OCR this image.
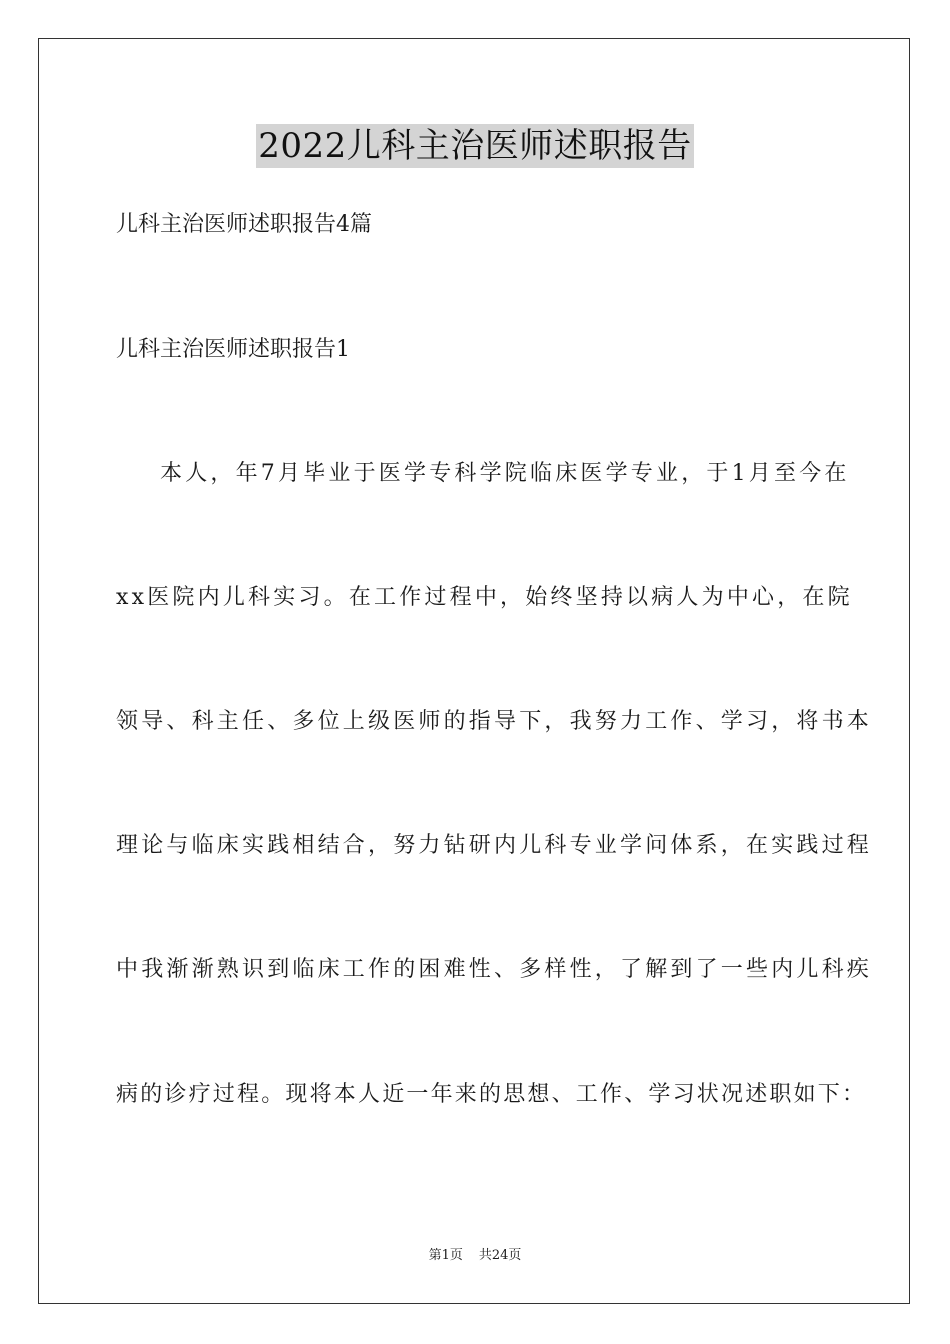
2022儿科主治医师述职报告
儿科主治医师述职报告4篇
儿科主治医师述职报告1
本人，年7月毕业于医学专科学院临床医学专业，于1月至今在
xx医院内儿科实习。在工作过程中，始终坚持以病人为中心，在院
领导、科主任、多位上级医师的指导下，我努力工作、学习，将书本
理论与临床实践相结合，努力钻研内儿科专业学问体系，在实践过程
中我渐渐熟识到临床工作的困难性、多样性，了解到了一些内儿科疾
病的诊疗过程。现将本人近一年来的思想、工作、学习状况述职如下：
第1页 共24页
